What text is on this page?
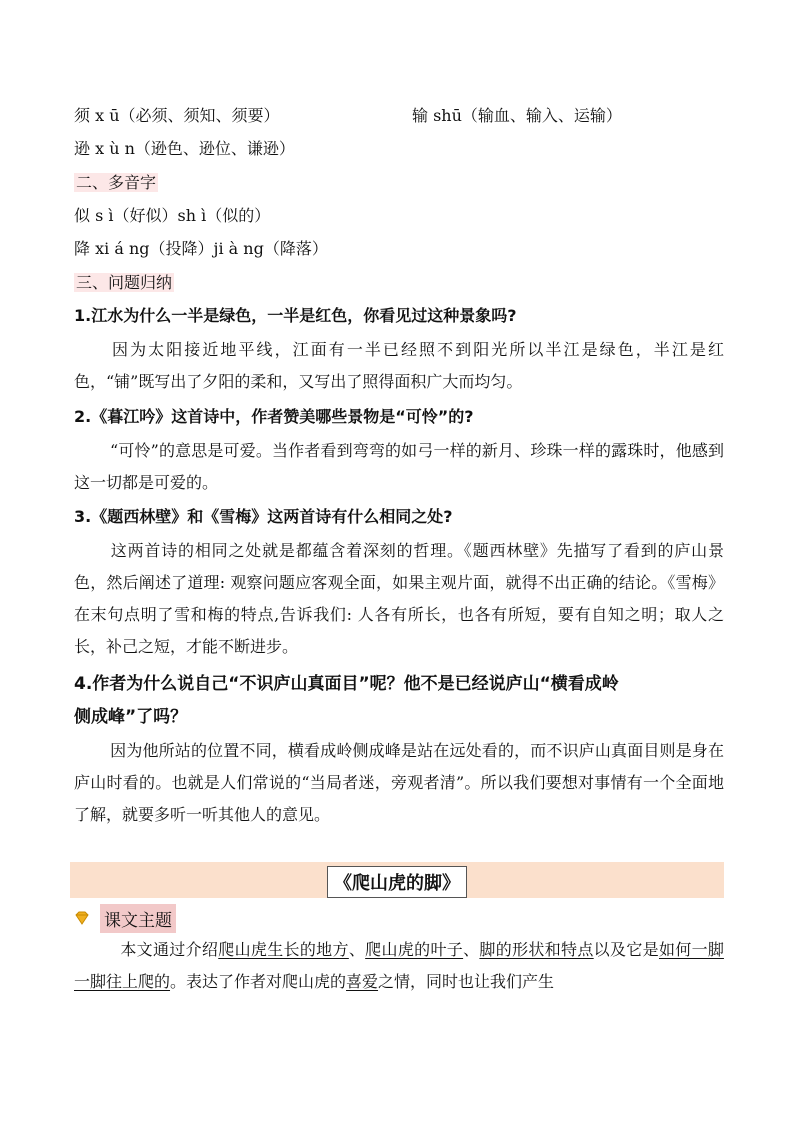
须 x ū（必须、须知、须要）	输 shū（输血、输入、运输）
逊 x ù n（逊色、逊位、谦逊）
二、多音字
似 s ì（好似）sh ì（似的）
降 xi á ng（投降）ji à ng（降落）
三、问题归纳
1.江水为什么一半是绿色，一半是红色，你看见过这种景象吗?
因为太阳接近地平线，江面有一半已经照不到阳光所以半江是绿色，半江是红色，“铺”既写出了夕阳的柔和，又写出了照得面积广大而均匀。
2.《暮江吟》这首诗中，作者赞美哪些景物是“可怜”的?
“可怜”的意思是可爱。当作者看到弯弯的如弓一样的新月、珍珠一样的露珠时，他感到这一切都是可爱的。
3.《题西林壁》和《雪梅》这两首诗有什么相同之处?
这两首诗的相同之处就是都蕴含着深刻的哲理。《题西林壁》先描写了看到的庐山景色，然后阐述了道理: 观察问题应客观全面，如果主观片面，就得不出正确的结论。《雪梅》在末句点明了雪和梅的特点,告诉我们: 人各有所长，也各有所短，要有自知之明；取人之长，补己之短，才能不断进步。
4.作者为什么说自己“不识庐山真面目”呢？他不是已经说庐山“横看成岭
侧成峰”了吗？
因为他所站的位置不同，横看成岭侧成峰是站在远处看的，而不识庐山真面目则是身在庐山时看的。也就是人们常说的“当局者迷，旁观者清”。所以我们要想对事情有一个全面地了解，就要多听一听其他人的意见。
《爬山虎的脚》
课文主题
本文通过介绍爬山虎生长的地方、爬山虎的叶子、脚的形状和特点以及它是如何一脚一脚往上爬的。表达了作者对爬山虎的喜爱之情，同时也让我们产生
